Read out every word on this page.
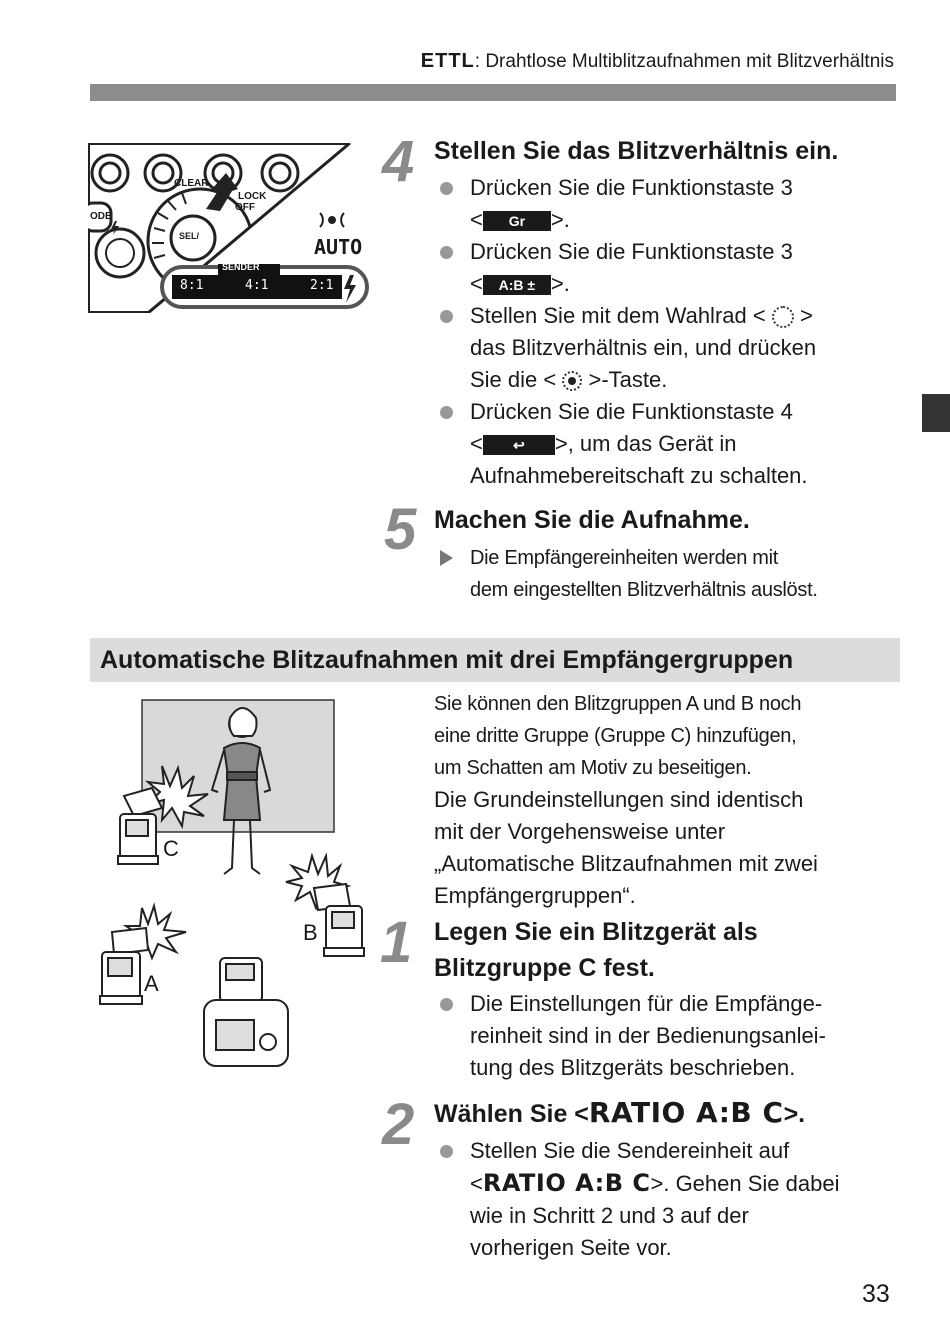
ETTL: Drahtlose Multiblitzaufnahmen mit Blitzverhältnis
CLEAR
LOCK
OFF
ODE
SEL/	AUTO
SENDER
8:1	4:1	2:1
4 Stellen Sie das Blitzverhältnis ein.
Drücken Sie die Funktionstaste 3
< Gr >.
Drücken Sie die Funktionstaste 3
< A:B ± >.
Stellen Sie mit dem Wahlrad < >
das Blitzverhältnis ein, und drücken
Sie die < >-Taste.
Drücken Sie die Funktionstaste 4
< ↩ >, um das Gerät in
Aufnahmebereitschaft zu schalten.
5 Machen Sie die Aufnahme.
Die Empfängereinheiten werden mit
dem eingestellten Blitzverhältnis auslöst.
Automatische Blitzaufnahmen mit drei Empfängergruppen
Sie können den Blitzgruppen A und B noch
eine dritte Gruppe (Gruppe C) hinzufügen,
um Schatten am Motiv zu beseitigen.
Die Grundeinstellungen sind identisch
mit der Vorgehensweise unter
„Automatische Blitzaufnahmen mit zwei
Empfängergruppen“.
C
B
A
1 Legen Sie ein Blitzgerät als
Blitzgruppe C fest.
Die Einstellungen für die Empfänge-
reinheit sind in der Bedienungsanlei-
tung des Blitzgeräts beschrieben.
2 Wählen Sie <RATIO A:B C>.
Stellen Sie die Sendereinheit auf
<RATIO A:B C>. Gehen Sie dabei
wie in Schritt 2 und 3 auf der
vorherigen Seite vor.
33
